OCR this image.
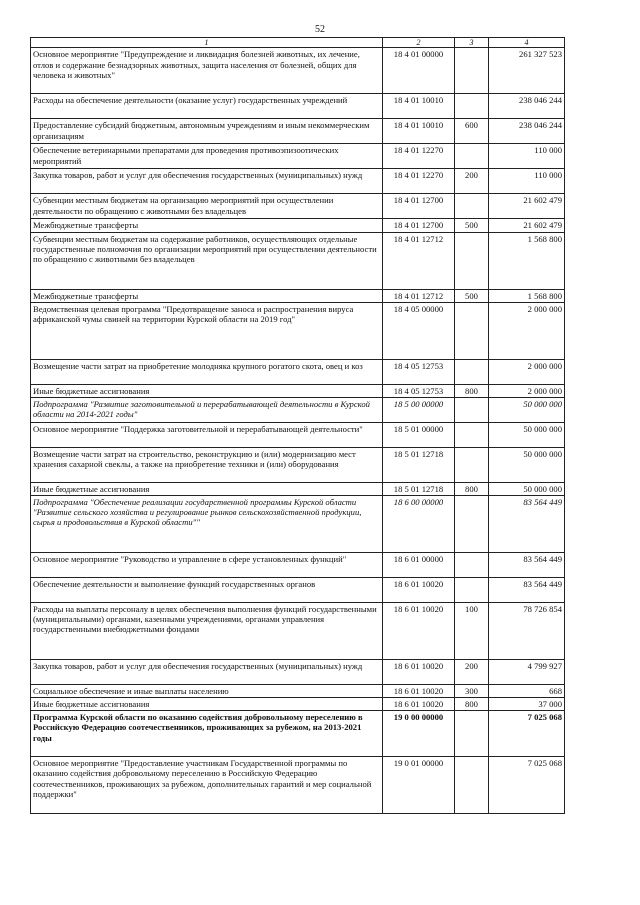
52
1	2	3	4
Основное мероприятие "Предупреждение и ликвидация болезней животных, их лечение, отлов и содержание безнадзорных животных, защита населения от болезней, общих для человека и животных"	18 4 01 00000		261 327 523
Расходы на обеспечение деятельности (оказание услуг) государственных учреждений	18 4 01 10010		238 046 244
Предоставление субсидий бюджетным, автономным учреждениям и иным некоммерческим организациям	18 4 01 10010	600	238 046 244
Обеспечение ветеринарными препаратами для проведения противоэпизоотических мероприятий	18 4 01 12270		110 000
Закупка товаров, работ и услуг для обеспечения государственных (муниципальных) нужд	18 4 01 12270	200	110 000
Субвенции местным бюджетам на организацию мероприятий при осуществлении деятельности по обращению с животными без владельцев	18 4 01 12700		21 602 479
Межбюджетные трансферты	18 4 01 12700	500	21 602 479
Субвенции местным бюджетам на содержание работников, осуществляющих отдельные государственные полномочия по организации мероприятий при осуществлении деятельности по обращению с животными без владельцев	18 4 01 12712		1 568 800
Межбюджетные трансферты	18 4 01 12712	500	1 568 800
Ведомственная целевая программа "Предотвращение заноса и распространения вируса африканской чумы свиней на территории Курской области на 2019 год"	18 4 05 00000		2 000 000
Возмещение части затрат на приобретение молодняка крупного рогатого скота, овец и коз	18 4 05 12753		2 000 000
Иные бюджетные ассигнования	18 4 05 12753	800	2 000 000
Подпрограмма "Развитие заготовительной и перерабатывающей деятельности в Курской области на 2014-2021 годы"	18 5 00 00000		50 000 000
Основное мероприятие "Поддержка заготовительной и перерабатывающей деятельности"	18 5 01 00000		50 000 000
Возмещение части затрат на строительство, реконструкцию и (или) модернизацию мест хранения сахарной свеклы, а также на приобретение техники и (или) оборудования	18 5 01 12718		50 000 000
Иные бюджетные ассигнования	18 5 01 12718	800	50 000 000
Подпрограмма "Обеспечение реализации государственной программы Курской области "Развитие сельского хозяйства и регулирование рынков сельскохозяйственной продукции, сырья и продовольствия в Курской области""	18 6 00 00000		83 564 449
Основное мероприятие "Руководство и управление в сфере установленных функций"	18 6 01 00000		83 564 449
Обеспечение деятельности и выполнение функций государственных органов	18 6 01 10020		83 564 449
Расходы на выплаты персоналу в целях обеспечения выполнения функций государственными (муниципальными) органами, казенными учреждениями, органами управления государственными внебюджетными фондами	18 6 01 10020	100	78 726 854
Закупка товаров, работ и услуг для обеспечения государственных (муниципальных) нужд	18 6 01 10020	200	4 799 927
Социальное обеспечение и иные выплаты населению	18 6 01 10020	300	668
Иные бюджетные ассигнования	18 6 01 10020	800	37 000
Программа Курской области по оказанию содействия добровольному переселению в Российскую Федерацию соотечественников, проживающих за рубежом, на 2013-2021 годы	19 0 00 00000		7 025 068
Основное мероприятие "Предоставление участникам Государственной программы по оказанию содействия добровольному переселению в Российскую Федерацию соотечественников, проживающих за рубежом, дополнительных гарантий и мер социальной поддержки"	19 0 01 00000		7 025 068
